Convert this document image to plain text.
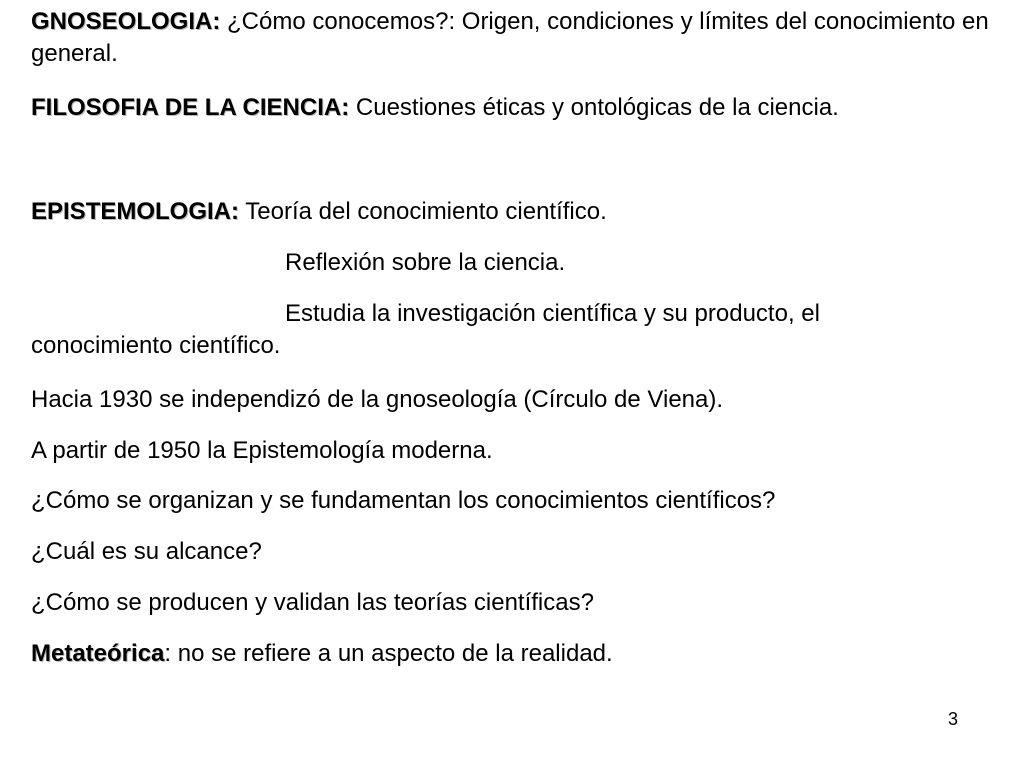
GNOSEOLOGIA: ¿Cómo conocemos?: Origen, condiciones y límites del conocimiento en general.
FILOSOFIA DE LA CIENCIA: Cuestiones éticas y ontológicas de la ciencia.
EPISTEMOLOGIA: Teoría del conocimiento científico.
Reflexión sobre la ciencia.
Estudia la investigación científica y su producto, el
conocimiento científico.
Hacia 1930 se independizó de la gnoseología (Círculo de Viena).
A partir de 1950 la Epistemología moderna.
¿Cómo se organizan y se fundamentan los conocimientos científicos?
¿Cuál es su alcance?
¿Cómo se producen y validan las teorías científicas?
Metateórica: no se refiere a un aspecto de la realidad.
3
